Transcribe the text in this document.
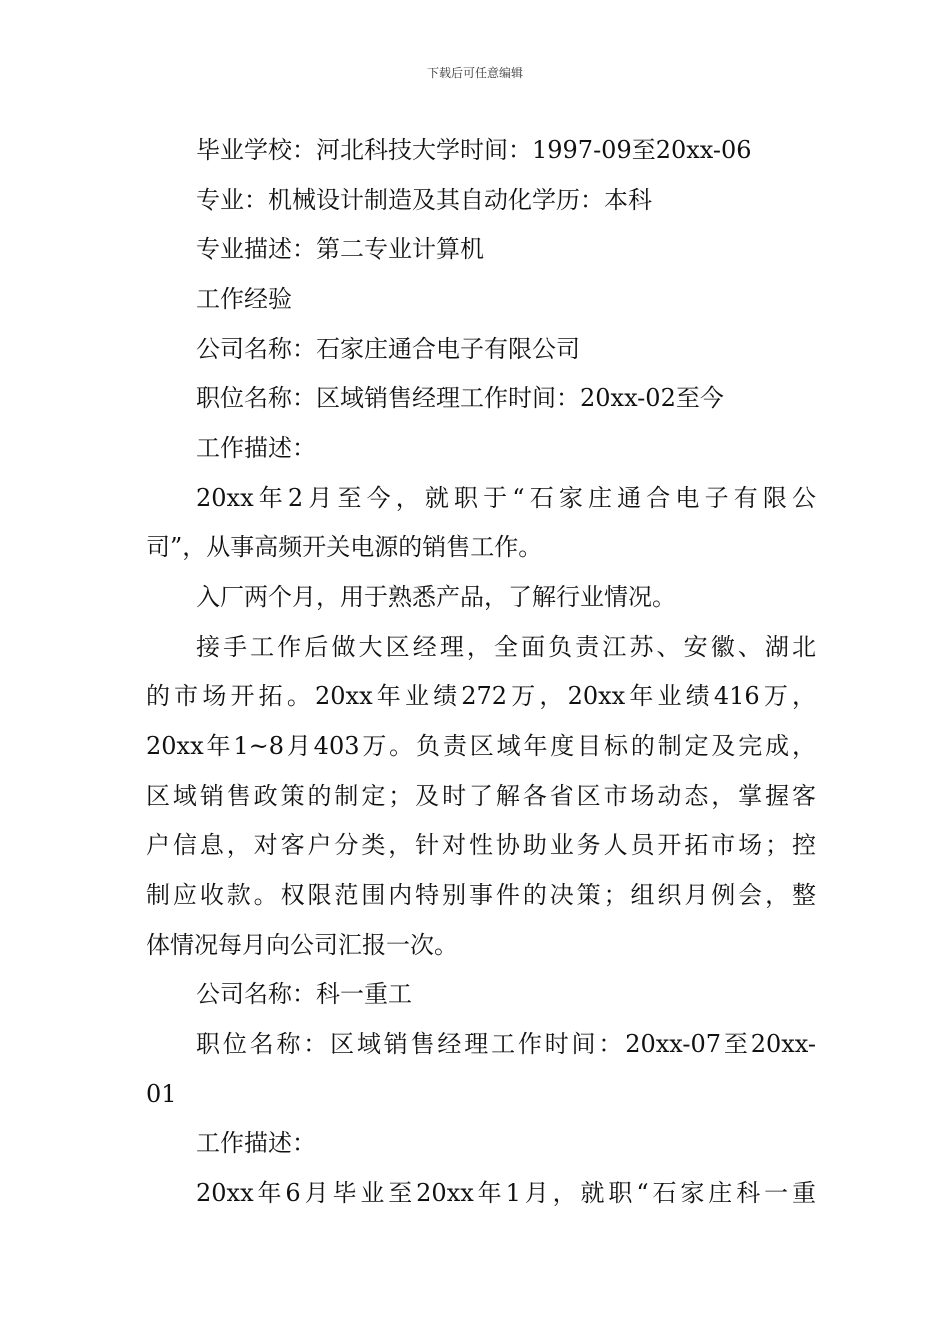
下载后可任意编辑
毕业学校：河北科技大学时间：1997-09至20xx-06
专业：机械设计制造及其自动化学历：本科
专业描述：第二专业计算机
工作经验
公司名称：石家庄通合电子有限公司
职位名称：区域销售经理工作时间：20xx-02至今
工作描述：
20xx年2月至今，就职于“石家庄通合电子有限公
司”，从事高频开关电源的销售工作。
入厂两个月，用于熟悉产品，了解行业情况。
接手工作后做大区经理，全面负责江苏、安徽、湖北
的市场开拓。20xx年业绩272万，20xx年业绩416万，
20xx年1~8月403万。负责区域年度目标的制定及完成，
区域销售政策的制定；及时了解各省区市场动态，掌握客
户信息，对客户分类，针对性协助业务人员开拓市场；控
制应收款。权限范围内特别事件的决策；组织月例会，整
体情况每月向公司汇报一次。
公司名称：科一重工
职位名称：区域销售经理工作时间：20xx-07至20xx-
01
工作描述：
20xx年6月毕业至20xx年1月，就职“石家庄科一重
